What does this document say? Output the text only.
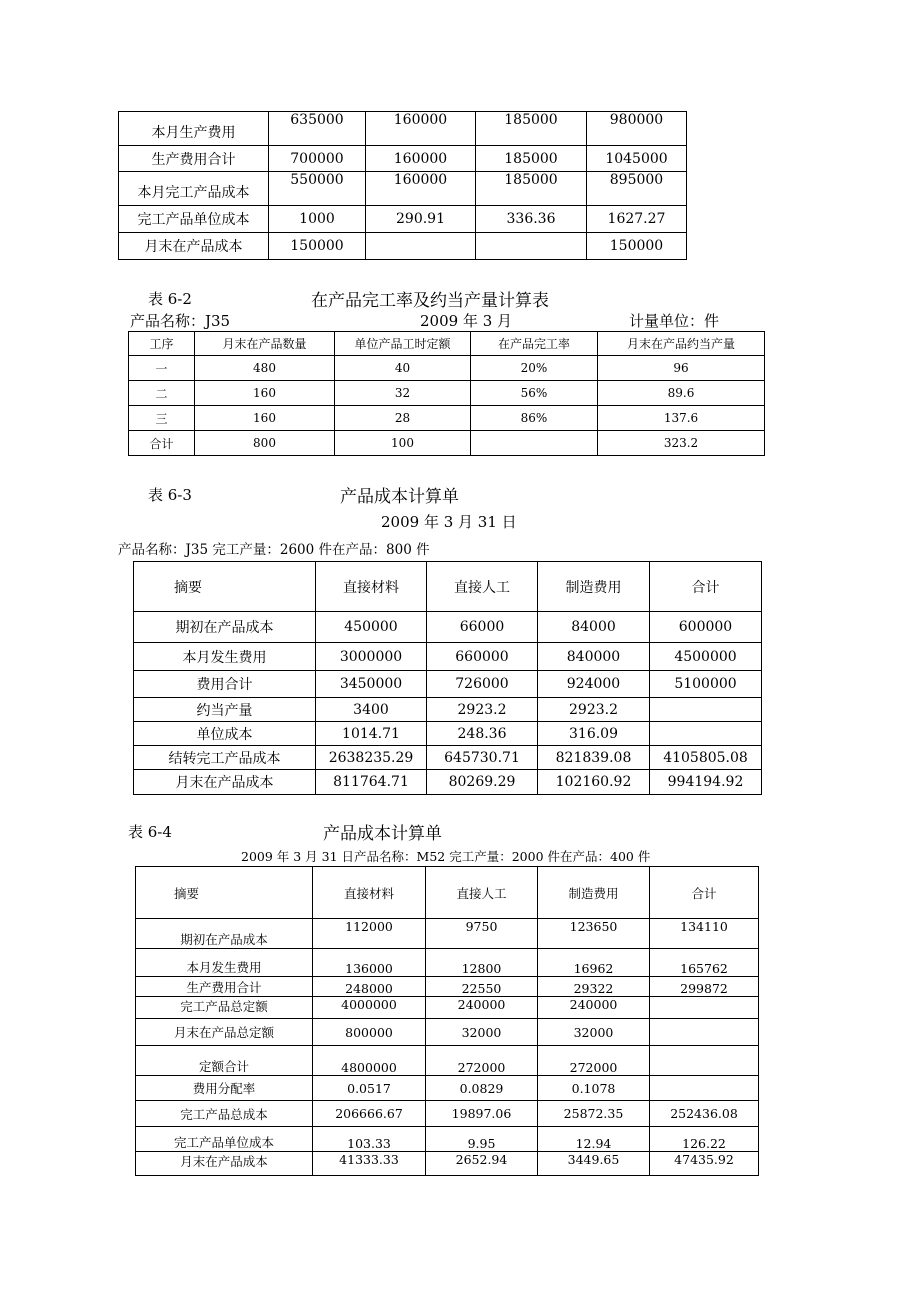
本月生产费用	635000	160000	185000	980000
生产费用合计	700000	160000	185000	1045000
本月完工产品成本	550000	160000	185000	895000
完工产品单位成本	1000	290.91	336.36	1627.27
月末在产品成本	150000			150000
表 6-2	在产品完工率及约当产量计算表
产品名称：J35	2009 年 3 月	计量单位：件
工序	月末在产品数量	单位产品工时定额	在产品完工率	月末在产品约当产量
一	480	40	20%	96
二	160	32	56%	89.6
三	160	28	86%	137.6
合计	800	100		323.2
表 6-3	产品成本计算单
2009 年 3 月 31 日
产品名称：J35 完工产量：2600 件在产品：800 件
摘要	直接材料	直接人工	制造费用	合计
期初在产品成本	450000	66000	84000	600000
本月发生费用	3000000	660000	840000	4500000
费用合计	3450000	726000	924000	5100000
约当产量	3400	2923.2	2923.2	
单位成本	1014.71	248.36	316.09	
结转完工产品成本	2638235.29	645730.71	821839.08	4105805.08
月末在产品成本	811764.71	80269.29	102160.92	994194.92
表 6-4	产品成本计算单
2009 年 3 月 31 日产品名称：M52 完工产量：2000 件在产品：400 件
摘要	直接材料	直接人工	制造费用	合计
期初在产品成本	112000	9750	123650	134110
本月发生费用	136000	12800	16962	165762
生产费用合计	248000	22550	29322	299872
完工产品总定额	4000000	240000	240000	
月末在产品总定额	800000	32000	32000	
定额合计	4800000	272000	272000	
费用分配率	0.0517	0.0829	0.1078	
完工产品总成本	206666.67	19897.06	25872.35	252436.08
完工产品单位成本	103.33	9.95	12.94	126.22
月末在产品成本	41333.33	2652.94	3449.65	47435.92
